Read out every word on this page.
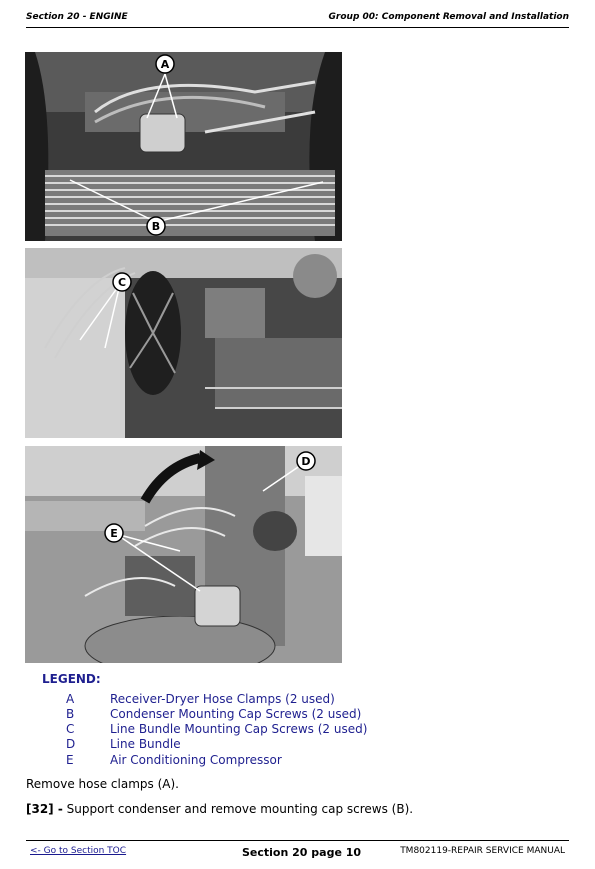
Section 20 - ENGINE	Group 00: Component Removal and Installation
A
B
C
D
E
LEGEND:
A	Receiver-Dryer Hose Clamps (2 used)
B	Condenser Mounting Cap Screws (2 used)
C	Line Bundle Mounting Cap Screws (2 used)
D	Line Bundle
E	Air Conditioning Compressor
Remove hose clamps (A).
[32] - Support condenser and remove mounting cap screws (B).
<- Go to Section TOC	Section 20 page 10	TM802119-REPAIR SERVICE MANUAL
